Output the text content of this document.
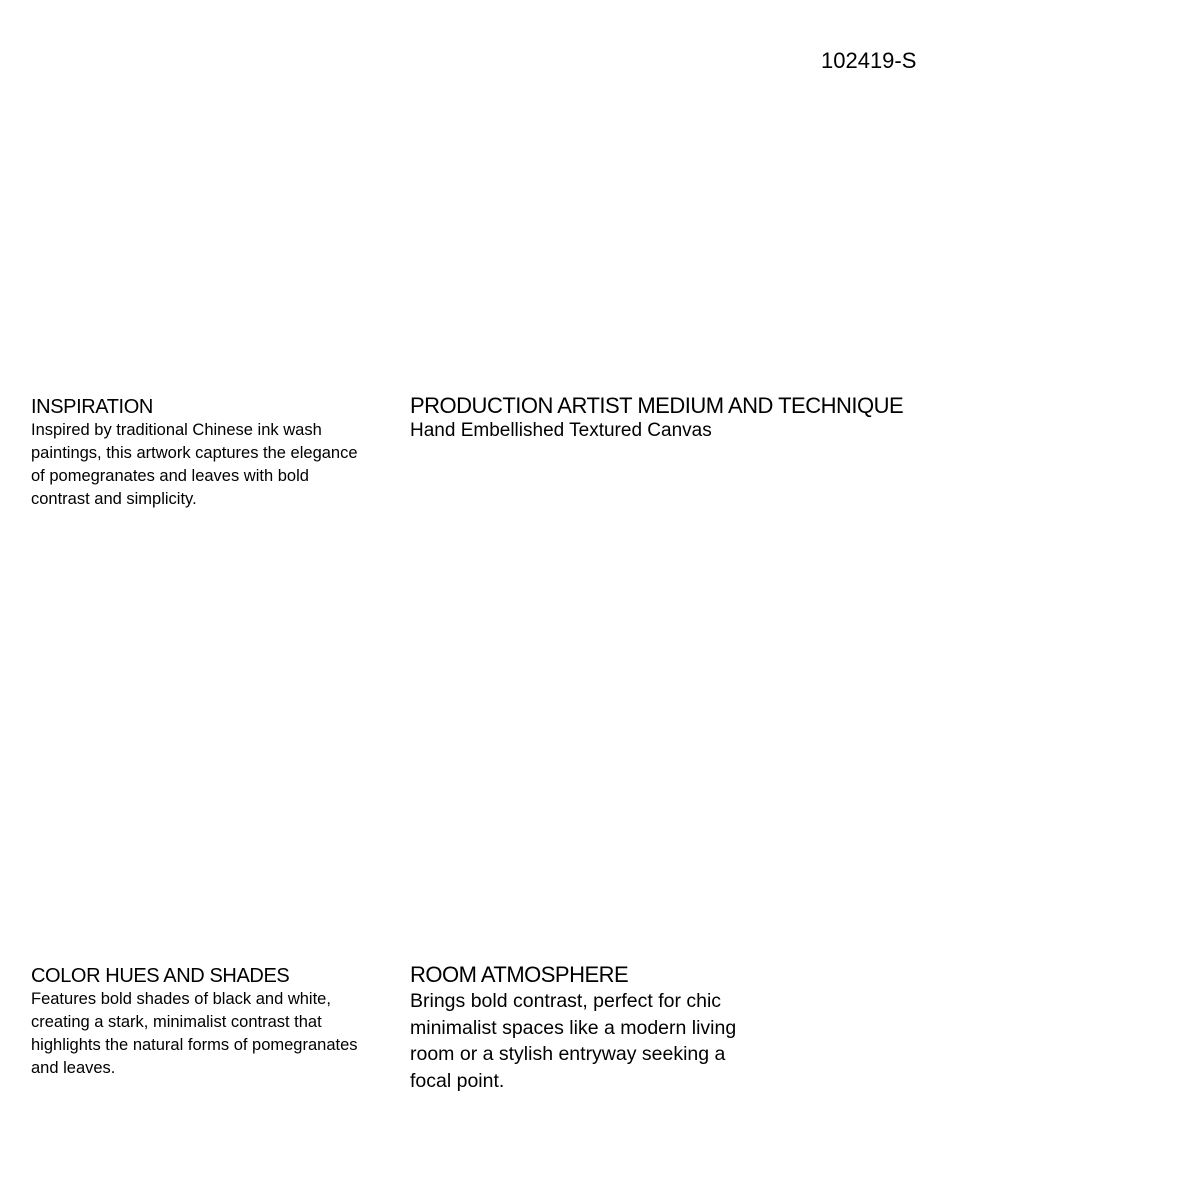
102419-S
INSPIRATION

Inspired by traditional Chinese ink wash
paintings, this artwork captures the elegance
of pomegranates and leaves with bold
contrast and simplicity.

PRODUCTION ARTIST MEDIUM AND TECHNIQUE

Hand Embellished Textured Canvas

COLOR HUES AND SHADES

Features bold shades of black and white,
creating a stark, minimalist contrast that
highlights the natural forms of pomegranates
and leaves.

ROOM ATMOSPHERE

Brings bold contrast, perfect for chic
minimalist spaces like a modern living
room or a stylish entryway seeking a
focal point.
